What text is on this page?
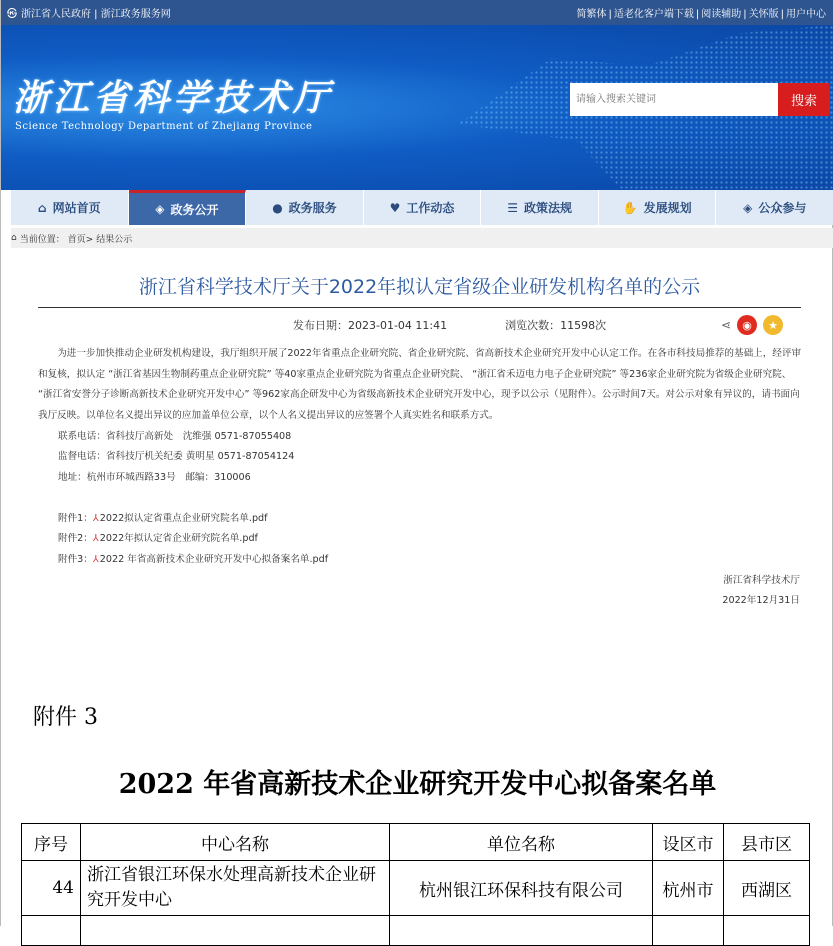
㉿ 浙江省人民政府 | 浙江政务服务网	简繁体 | 适老化客户端下载 | 阅读辅助 | 关怀版 | 用户中心
浙江省科学技术厅
Science Technology Department of Zhejiang Province
请输入搜索关键词
搜索
⌂ 网站首页	◈ 政务公开	● 政务服务	♥ 工作动态	☰ 政策法规	✋ 发展规划	◈ 公众参与
⌂ 当前位置： 首页> 结果公示
浙江省科学技术厅关于2022年拟认定省级企业研发机构名单的公示
发布日期：2023-01-04 11:41	浏览次数：11598次	⋖	◉	★
为进一步加快推动企业研发机构建设，我厅组织开展了2022年省重点企业研究院、省企业研究院、省高新技术企业研究开发中心认定工作。在各市科技局推荐的基础上，经评审和复核，拟认定 “浙江省基因生物制药重点企业研究院” 等40家重点企业研究院为省重点企业研究院、 “浙江省禾迈电力电子企业研究院” 等236家企业研究院为省级企业研究院、 “浙江省安誉分子诊断高新技术企业研究开发中心” 等962家高企研发中心为省级高新技术企业研究开发中心，现予以公示（见附件）。公示时间7天。对公示对象有异议的，请书面向我厅反映。以单位名义提出异议的应加盖单位公章，以个人名义提出异议的应签署个人真实姓名和联系方式。
联系电话：省科技厅高新处　沈维强 0571-87055408
监督电话：省科技厅机关纪委 黄明星 0571-87054124
地址：杭州市环城西路33号　邮编：310006
附件1：⅄2022拟认定省重点企业研究院名单.pdf
附件2：⅄2022年拟认定省企业研究院名单.pdf
附件3：⅄2022 年省高新技术企业研究开发中心拟备案名单.pdf
浙江省科学技术厅
2022年12月31日
附件 3
2022 年省高新技术企业研究开发中心拟备案名单
序号	中心名称	单位名称	设区市	县市区
44	浙江省银江环保水处理高新技术企业研究开发中心	杭州银江环保科技有限公司	杭州市	西湖区
